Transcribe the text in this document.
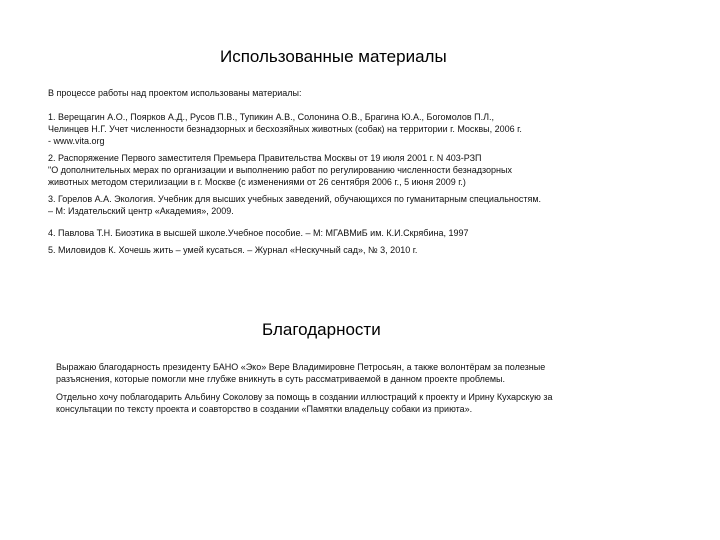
Использованные материалы
В процессе работы над проектом использованы материалы:
1. Верещагин А.О., Поярков А.Д., Русов П.В., Тупикин А.В., Солонина О.В., Брагина Ю.А., Богомолов П.Л.,
Челинцев Н.Г. Учет численности безнадзорных и бесхозяйных животных (собак) на территории г. Москвы, 2006 г.
- www.vita.org
2. Распоряжение Первого заместителя Премьера Правительства Москвы от 19 июля 2001 г. N 403-РЗП
"О дополнительных мерах по организации и выполнению работ по регулированию численности безнадзорных
животных методом стерилизации в г. Москве (с изменениями от 26 сентября 2006 г., 5 июня 2009 г.)
3. Горелов А.А. Экология. Учебник для высших учебных заведений, обучающихся по гуманитарным специальностям.
– М: Издательский центр «Академия», 2009.
4. Павлова Т.Н. Биоэтика в высшей школе.Учебное пособие. – М: МГАВМиБ им. К.И.Скрябина, 1997
5. Миловидов К. Хочешь жить – умей кусаться. – Журнал «Нескучный сад», № 3, 2010 г.
Благодарности
Выражаю благодарность президенту БАНО «Эко» Вере Владимировне Петросьян, а также волонтёрам за полезные
разъяснения, которые помогли мне глубже вникнуть в суть рассматриваемой в данном проекте проблемы.
Отдельно хочу поблагодарить Альбину Соколову за помощь в создании иллюстраций к проекту и Ирину Кухарскую за
консультации по тексту проекта и соавторство в создании «Памятки владельцу собаки из приюта».
